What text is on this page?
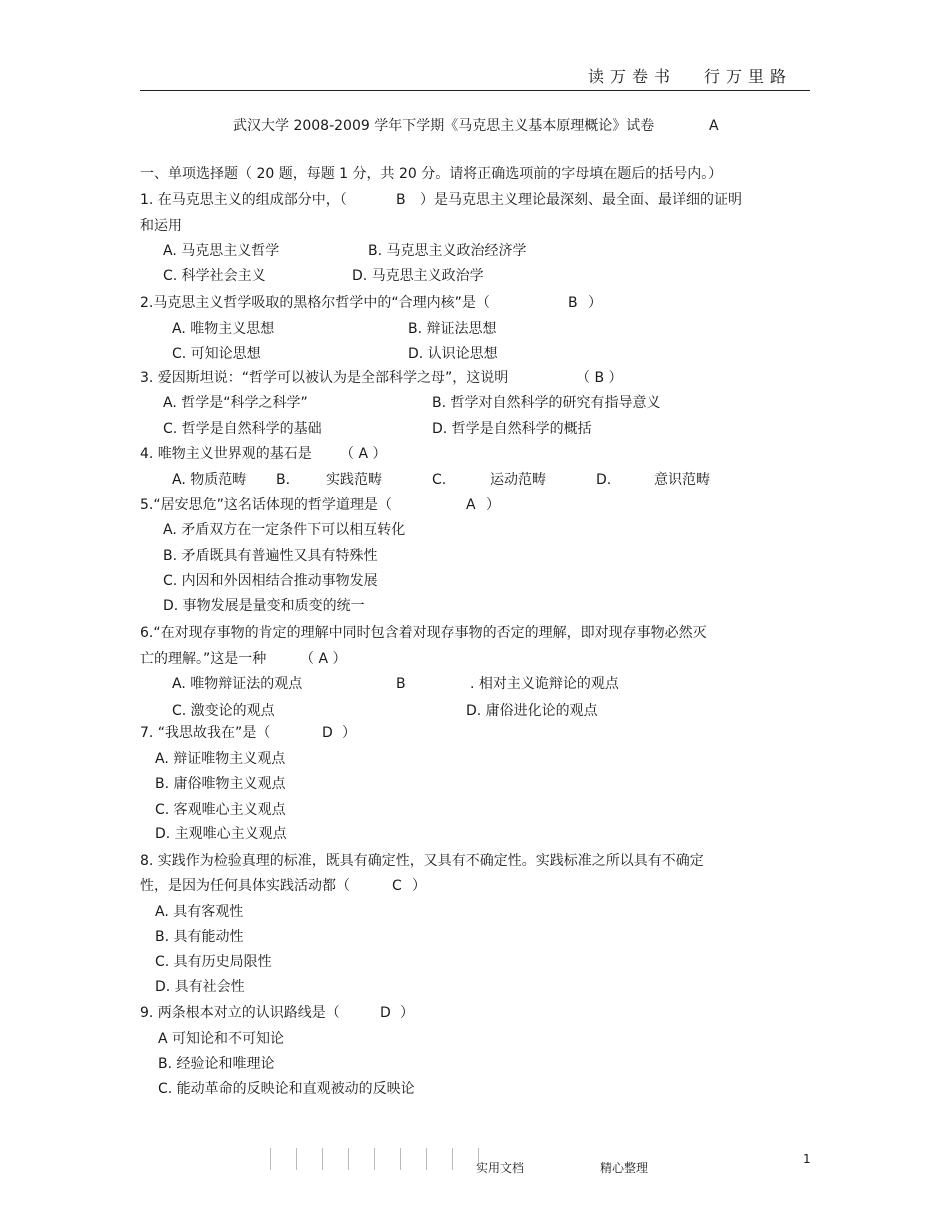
读万卷书 行万里路
武汉大学 2008-2009 学年下学期《马克思主义基本原理概论》试卷	A
一、单项选择题（ 20 题，每题 1 分，共 20 分。请将正确选项前的字母填在题后的括号内。）
1. 在马克思主义的组成部分中，（	B ）是马克思主义理论最深刻、最全面、最详细的证明
和运用
A. 马克思主义哲学	B. 马克思主义政治经济学
C. 科学社会主义	D. 马克思主义政治学
2.马克思主义哲学吸取的黑格尔哲学中的“合理内核”是（	B ）
A. 唯物主义思想	B. 辩证法思想
C. 可知论思想	D. 认识论思想
3. 爱因斯坦说：“哲学可以被认为是全部科学之母”，这说明	（ B ）
A. 哲学是“科学之科学”	B. 哲学对自然科学的研究有指导意义
C. 哲学是自然科学的基础	D. 哲学是自然科学的概括
4. 唯物主义世界观的基石是 （ A ）
A. 物质范畴 B.	实践范畴	C.	运动范畴	D.	意识范畴
5.“居安思危”这名话体现的哲学道理是（	A ）
A. 矛盾双方在一定条件下可以相互转化
B. 矛盾既具有普遍性又具有特殊性
C. 内因和外因相结合推动事物发展
D. 事物发展是量变和质变的统一
6.“在对现存事物的肯定的理解中同时包含着对现存事物的否定的理解，即对现存事物必然灭
亡的理解。”这是一种 （ A ）
A. 唯物辩证法的观点	B	. 相对主义诡辩论的观点
C. 激变论的观点	D. 庸俗进化论的观点
7. “我思故我在”是（	D ）
A. 辩证唯物主义观点
B. 庸俗唯物主义观点
C. 客观唯心主义观点
D. 主观唯心主义观点
8. 实践作为检验真理的标准，既具有确定性，又具有不确定性。实践标准之所以具有不确定
性，是因为任何具体实践活动都（	C ）
A. 具有客观性
B. 具有能动性
C. 具有历史局限性
D. 具有社会性
9. 两条根本对立的认识路线是（	D ）
A 可知论和不可知论
B. 经验论和唯理论
C. 能动革命的反映论和直观被动的反映论
实用文档	精心整理
1
